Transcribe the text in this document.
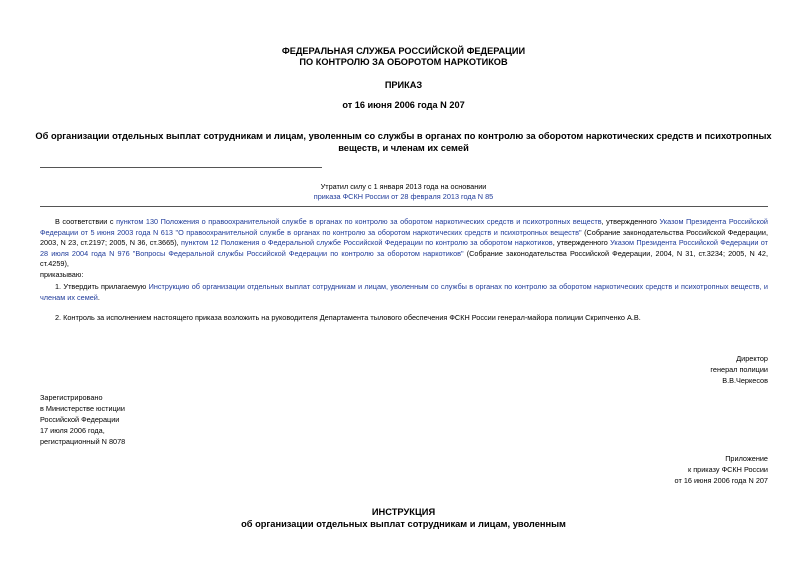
ФЕДЕРАЛЬНАЯ СЛУЖБА РОССИЙСКОЙ ФЕДЕРАЦИИ
ПО КОНТРОЛЮ ЗА ОБОРОТОМ НАРКОТИКОВ
ПРИКАЗ
от 16 июня 2006 года N 207
Об организации отдельных выплат сотрудникам и лицам, уволенным со службы в органах по контролю за оборотом наркотических средств и психотропных
веществ, и членам их семей
Утратил силу с 1 января 2013 года на основании
приказа ФСКН России от 28 февраля 2013 года N 85
В соответствии с пунктом 130 Положения о правоохранительной службе в органах по контролю за оборотом наркотических средств и психотропных веществ, утвержденного Указом Президента Российской Федерации от 5 июня 2003 года N 613 "О правоохранительной службе в органах по контролю за оборотом наркотических средств и психотропных веществ" (Собрание законодательства Российской Федерации, 2003, N 23, ст.2197; 2005, N 36, ст.3665), пунктом 12 Положения о Федеральной службе Российской Федерации по контролю за оборотом наркотиков, утвержденного Указом Президента Российской Федерации от 28 июля 2004 года N 976 "Вопросы Федеральной службы Российской Федерации по контролю за оборотом наркотиков" (Собрание законодательства Российской Федерации, 2004, N 31, ст.3234; 2005, N 42, ст.4259),
приказываю:
1. Утвердить прилагаемую Инструкцию об организации отдельных выплат сотрудникам и лицам, уволенным со службы в органах по контролю за оборотом наркотических средств и психотропных веществ, и членам их семей.
2. Контроль за исполнением настоящего приказа возложить на руководителя Департамента тылового обеспечения ФСКН России генерал-майора полиции Скрипченко А.В.
Директор
генерал полиции
В.В.Черкесов
Зарегистрировано
в Министерстве юстиции
Российской Федерации
17 июля 2006 года,
регистрационный N 8078
Приложение
к приказу ФСКН России
от 16 июня 2006 года N 207
ИНСТРУКЦИЯ
об организации отдельных выплат сотрудникам и лицам, уволенным
